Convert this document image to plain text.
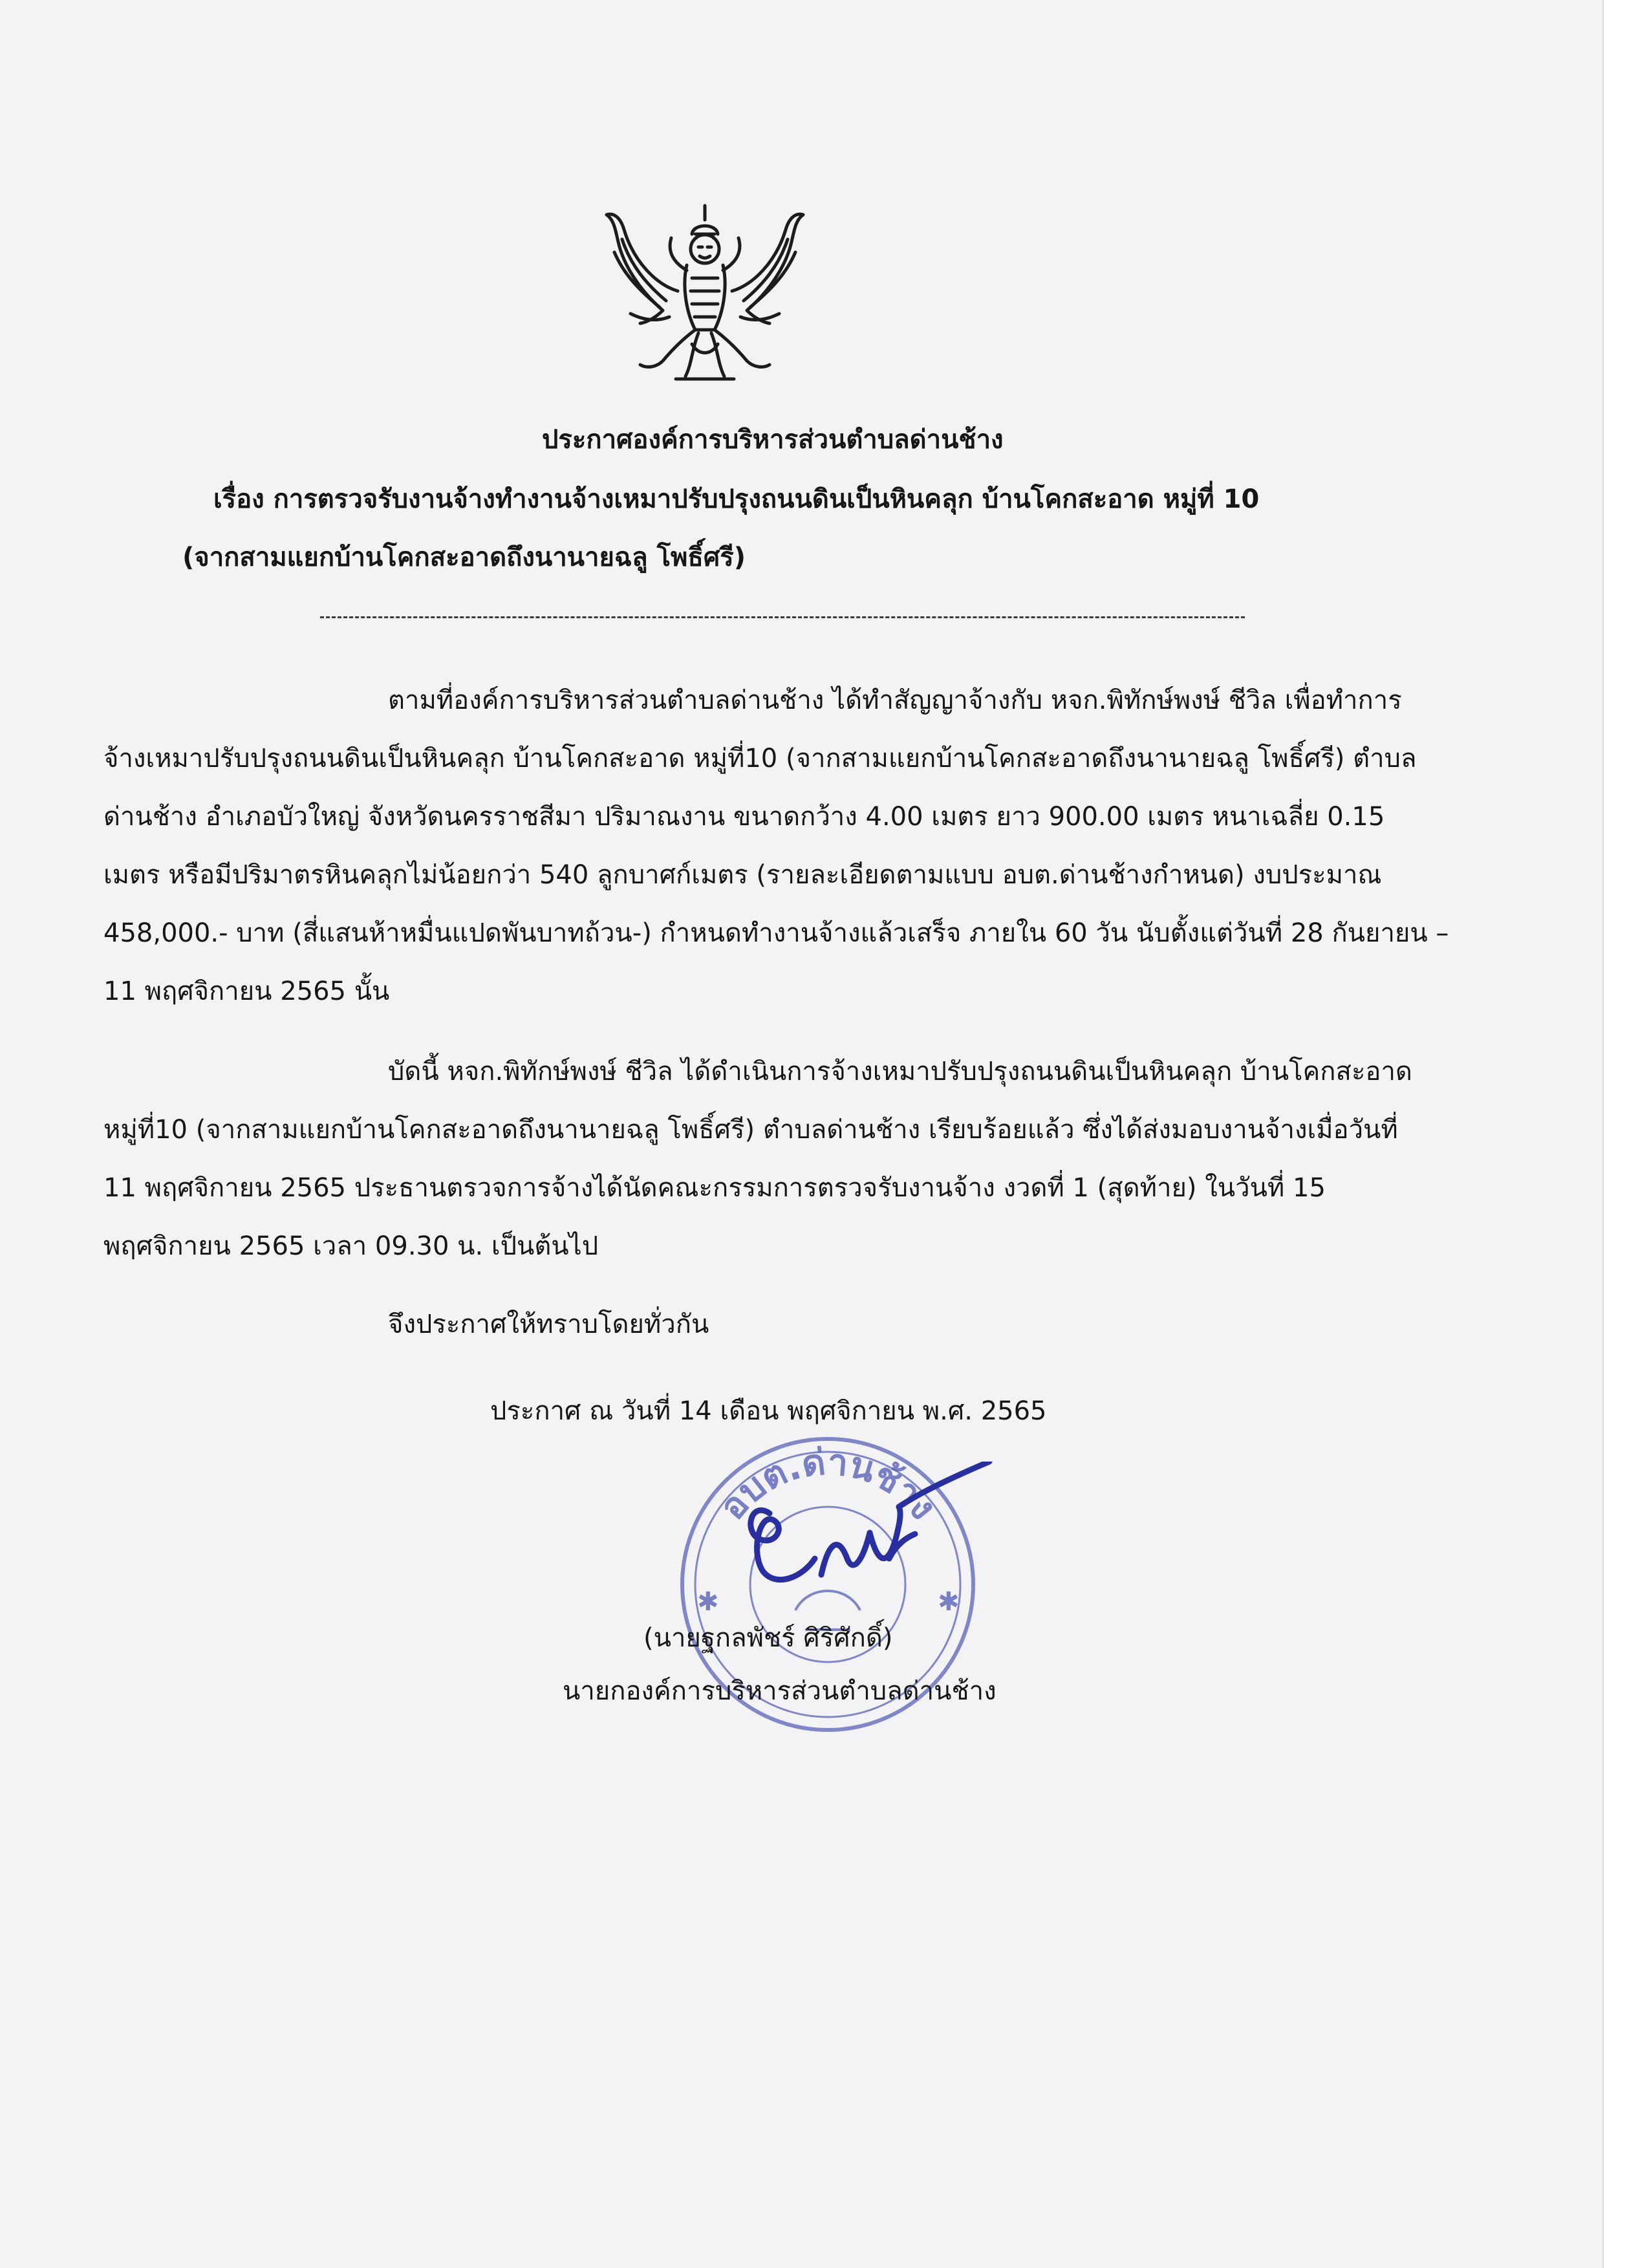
ประกาศองค์การบริหารส่วนตำบลด่านช้าง
เรื่อง การตรวจรับงานจ้างทำงานจ้างเหมาปรับปรุงถนนดินเป็นหินคลุก บ้านโคกสะอาด หมู่ที่ 10
(จากสามแยกบ้านโคกสะอาดถึงนานายฉลู โพธิ์ศรี)
ตามที่องค์การบริหารส่วนตำบลด่านช้าง ได้ทำสัญญาจ้างกับ หจก.พิทักษ์พงษ์ ชีวิล เพื่อทำการ
จ้างเหมาปรับปรุงถนนดินเป็นหินคลุก บ้านโคกสะอาด หมู่ที่10 (จากสามแยกบ้านโคกสะอาดถึงนานายฉลู โพธิ์ศรี) ตำบล
ด่านช้าง อำเภอบัวใหญ่ จังหวัดนครราชสีมา ปริมาณงาน ขนาดกว้าง 4.00 เมตร ยาว 900.00 เมตร หนาเฉลี่ย 0.15
เมตร หรือมีปริมาตรหินคลุกไม่น้อยกว่า 540 ลูกบาศก์เมตร (รายละเอียดตามแบบ อบต.ด่านช้างกำหนด) งบประมาณ
458,000.- บาท (สี่แสนห้าหมื่นแปดพันบาทถ้วน-) กำหนดทำงานจ้างแล้วเสร็จ ภายใน 60 วัน นับตั้งแต่วันที่ 28 กันยายน –
11 พฤศจิกายน 2565 นั้น
บัดนี้ หจก.พิทักษ์พงษ์ ชีวิล ได้ดำเนินการจ้างเหมาปรับปรุงถนนดินเป็นหินคลุก บ้านโคกสะอาด
หมู่ที่10 (จากสามแยกบ้านโคกสะอาดถึงนานายฉลู โพธิ์ศรี) ตำบลด่านช้าง เรียบร้อยแล้ว ซึ่งได้ส่งมอบงานจ้างเมื่อวันที่
11 พฤศจิกายน 2565 ประธานตรวจการจ้างได้นัดคณะกรรมการตรวจรับงานจ้าง งวดที่ 1 (สุดท้าย) ในวันที่ 15
พฤศจิกายน 2565 เวลา 09.30 น. เป็นต้นไป
จึงประกาศให้ทราบโดยทั่วกัน
ประกาศ ณ วันที่ 14 เดือน พฤศจิกายน พ.ศ. 2565
อบต.ด่านช้าง
✱	✱
(นายฐกลพัชร์ ศิริศักดิ์)
นายกองค์การบริหารส่วนตำบลด่านช้าง
